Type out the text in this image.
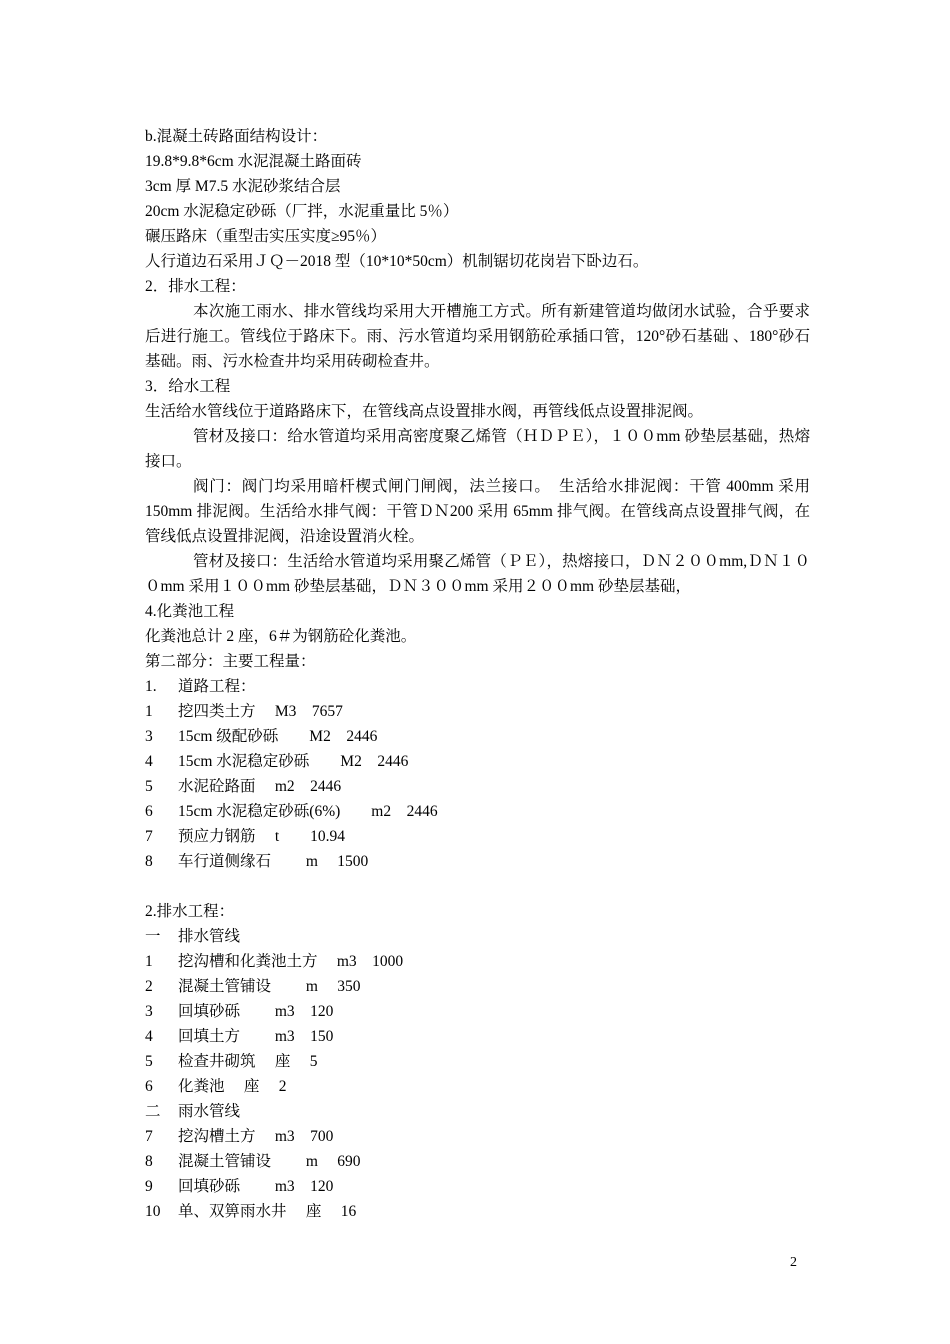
b.混凝土砖路面结构设计：
19.8*9.8*6cm 水泥混凝土路面砖
3cm 厚 M7.5 水泥砂浆结合层
20cm 水泥稳定砂砾（厂拌，水泥重量比 5％）
碾压路床（重型击实压实度≥95％）
人行道边石采用ＪＱ－2018 型（10*10*50cm）机制锯切花岗岩下卧边石。
2．排水工程：
本次施工雨水、排水管线均采用大开槽施工方式。所有新建管道均做闭水试验，合乎要求后进行施工。管线位于路床下。雨、污水管道均采用钢筋砼承插口管，120°砂石基础 、180°砂石基础。雨、污水检查井均采用砖砌检查井。
3．给水工程
生活给水管线位于道路路床下，在管线高点设置排水阀，再管线低点设置排泥阀。
管材及接口：给水管道均采用高密度聚乙烯管（ＨＤＰＥ），１００mm 砂垫层基础，热熔接口。
阀门：阀门均采用暗杆楔式闸门闸阀，法兰接口。　生活给水排泥阀：干管 400mm 采用 150mm 排泥阀。生活给水排气阀：干管ＤＮ200 采用 65mm 排气阀。在管线高点设置排气阀，在管线低点设置排泥阀，沿途设置消火栓。
管材及接口：生活给水管道均采用聚乙烯管（ＰＥ），热熔接口，ＤＮ２００mm,ＤＮ１００mm 采用１００mm 砂垫层基础，ＤＮ３００mm 采用２００mm 砂垫层基础，
4.化粪池工程
化粪池总计 2 座，6＃为钢筋砼化粪池。
第二部分：主要工程量：
1. 道路工程：
1 挖四类土方　 M3　7657
3 15cm 级配砂砾　　M2　2446
4 15cm 水泥稳定砂砾　　M2　2446
5 水泥砼路面　 m2　2446
6 15cm 水泥稳定砂砾(6%)　　m2　2446
7 预应力钢筋　 t　　10.94
8 车行道侧缘石　　 m　 1500
2.排水工程：
一 排水管线
1 挖沟槽和化粪池土方　 m3　1000
2 混凝土管铺设　　 m　 350
3 回填砂砾　　 m3　120
4 回填土方　　 m3　150
5 检查井砌筑　 座　 5
6 化粪池　 座　 2
二 雨水管线
7 挖沟槽土方　 m3　700
8 混凝土管铺设　　 m　 690
9 回填砂砾　　 m3　120
10 单、双箅雨水井　 座　 16
2
